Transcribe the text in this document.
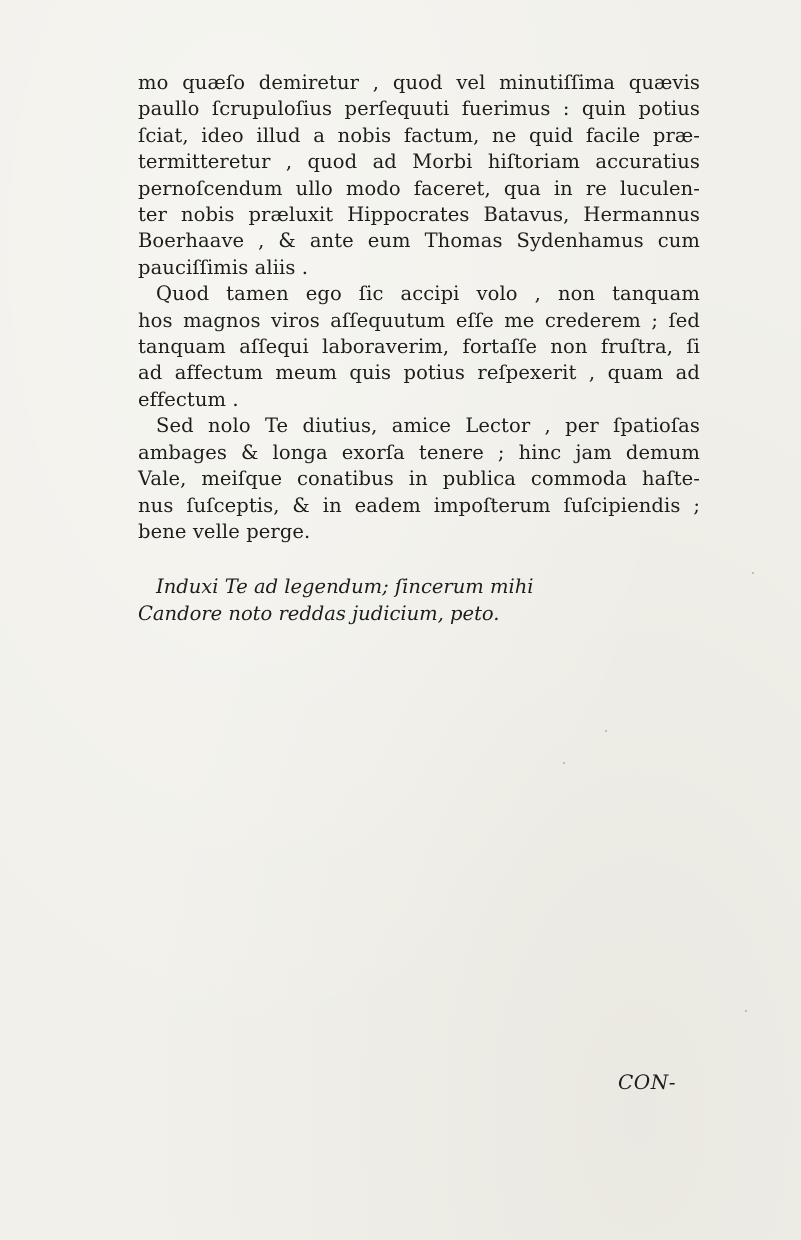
mo quæſo demiretur , quod vel minutiſſima quævis
paullo ſcrupuloſius perſequuti fuerimus : quin potius
ſciat, ideo illud a nobis factum, ne quid facile præ-
termitteretur , quod ad Morbi hiſtoriam accuratius
pernoſcendum ullo modo faceret, qua in re luculen-
ter nobis præluxit Hippocrates Batavus, Hermannus
Boerhaave , & ante eum Thomas Sydenhamus cum
pauciſſimis aliis .

Quod tamen ego ſic accipi volo , non tanquam
hos magnos viros aſſequutum eſſe me crederem ; ſed
tanquam aſſequi laboraverim, fortaſſe non fruſtra, ſi
ad affectum meum quis potius reſpexerit , quam ad
effectum .

Sed nolo Te diutius, amice Lector , per ſpatioſas
ambages & longa exorſa tenere ; hinc jam demum
Vale, meiſque conatibus in publica commoda haſte-
nus ſuſceptis, & in eadem impoſterum ſuſcipiendis ;
bene velle perge.

Induxi Te ad legendum; ſincerum mihi
Candore noto reddas judicium, peto.
CON-
